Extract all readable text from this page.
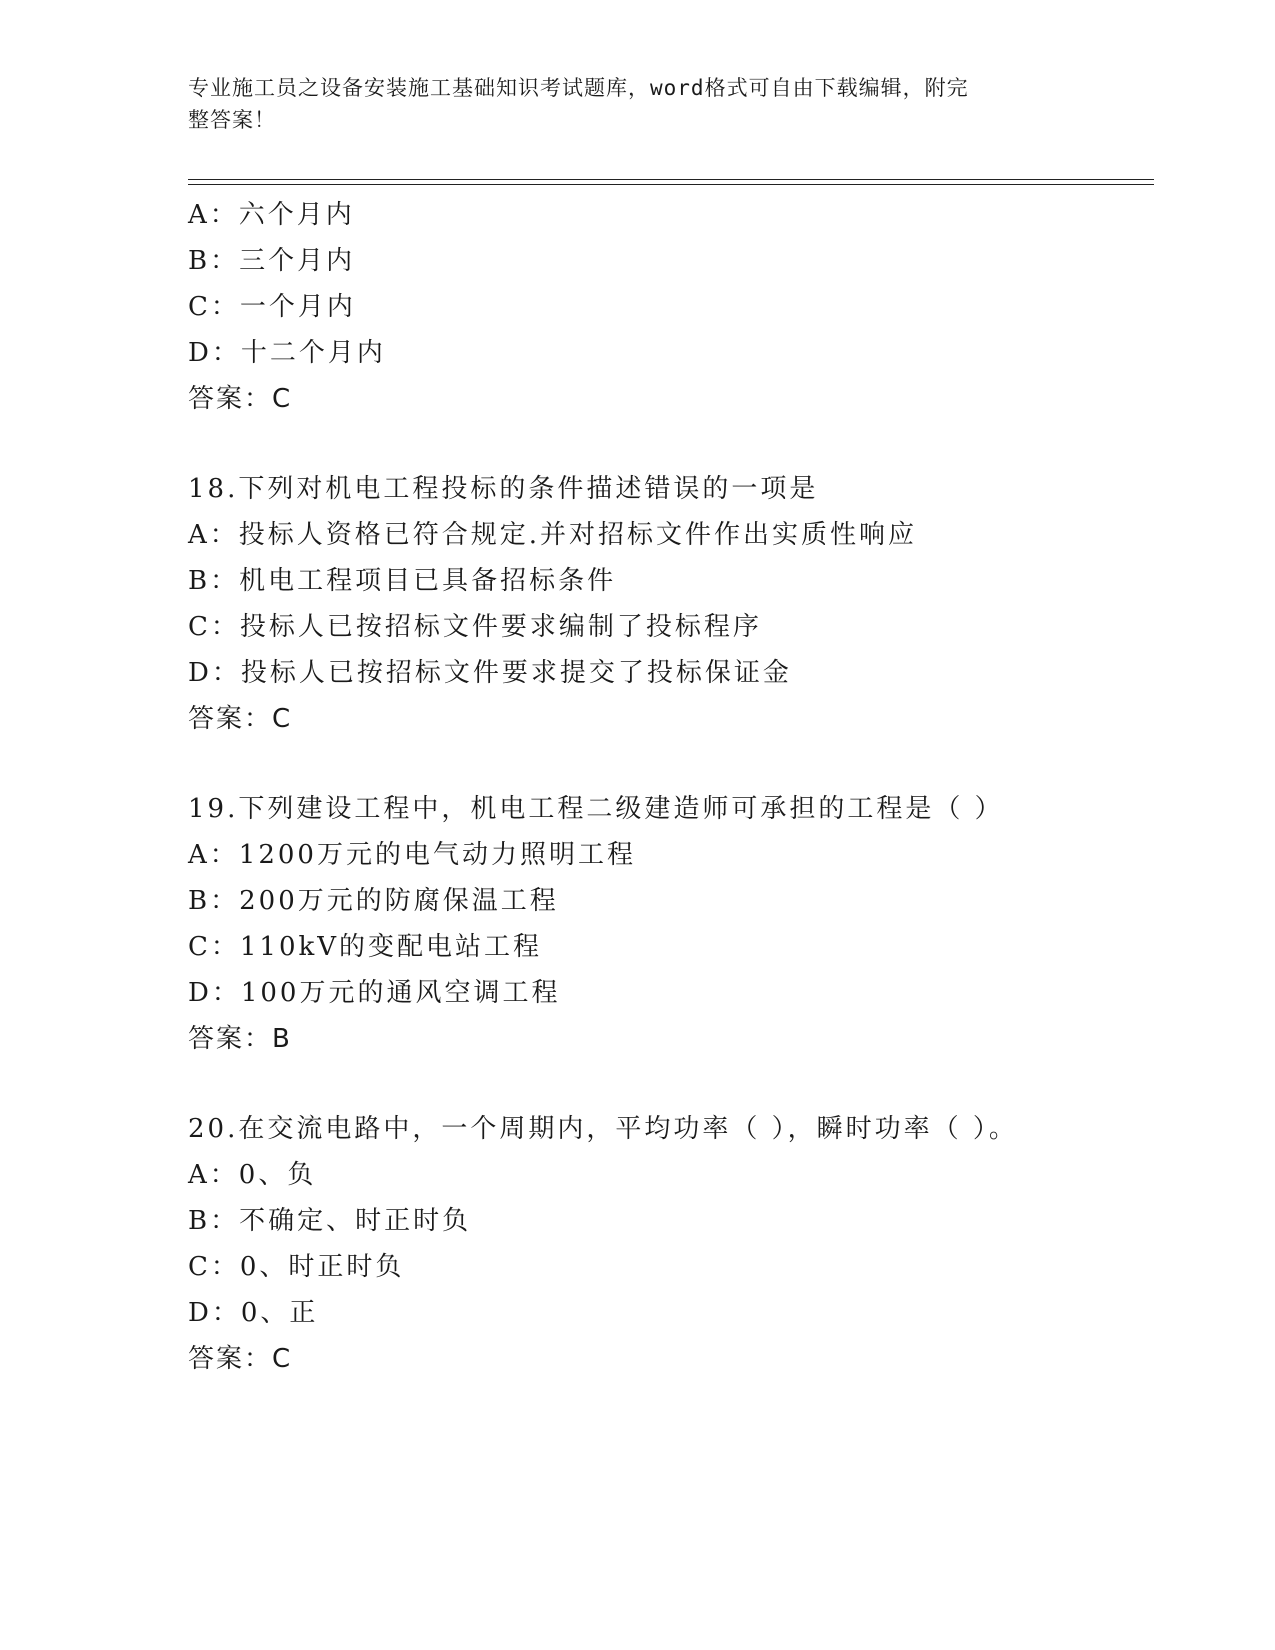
专业施工员之设备安装施工基础知识考试题库，word格式可自由下载编辑，附完
整答案！
A：六个月内
B：三个月内
C：一个月内
D：十二个月内
答案：C
18.下列对机电工程投标的条件描述错误的一项是
A：投标人资格已符合规定.并对招标文件作出实质性响应
B：机电工程项目已具备招标条件
C：投标人已按招标文件要求编制了投标程序
D：投标人已按招标文件要求提交了投标保证金
答案：C
19.下列建设工程中，机电工程二级建造师可承担的工程是（ ）
A：1200万元的电气动力照明工程
B：200万元的防腐保温工程
C：110kV的变配电站工程
D：100万元的通风空调工程
答案：B
20.在交流电路中，一个周期内，平均功率（ ），瞬时功率（ ）。
A：0、负
B：不确定、时正时负
C：0、时正时负
D：0、正
答案：C
